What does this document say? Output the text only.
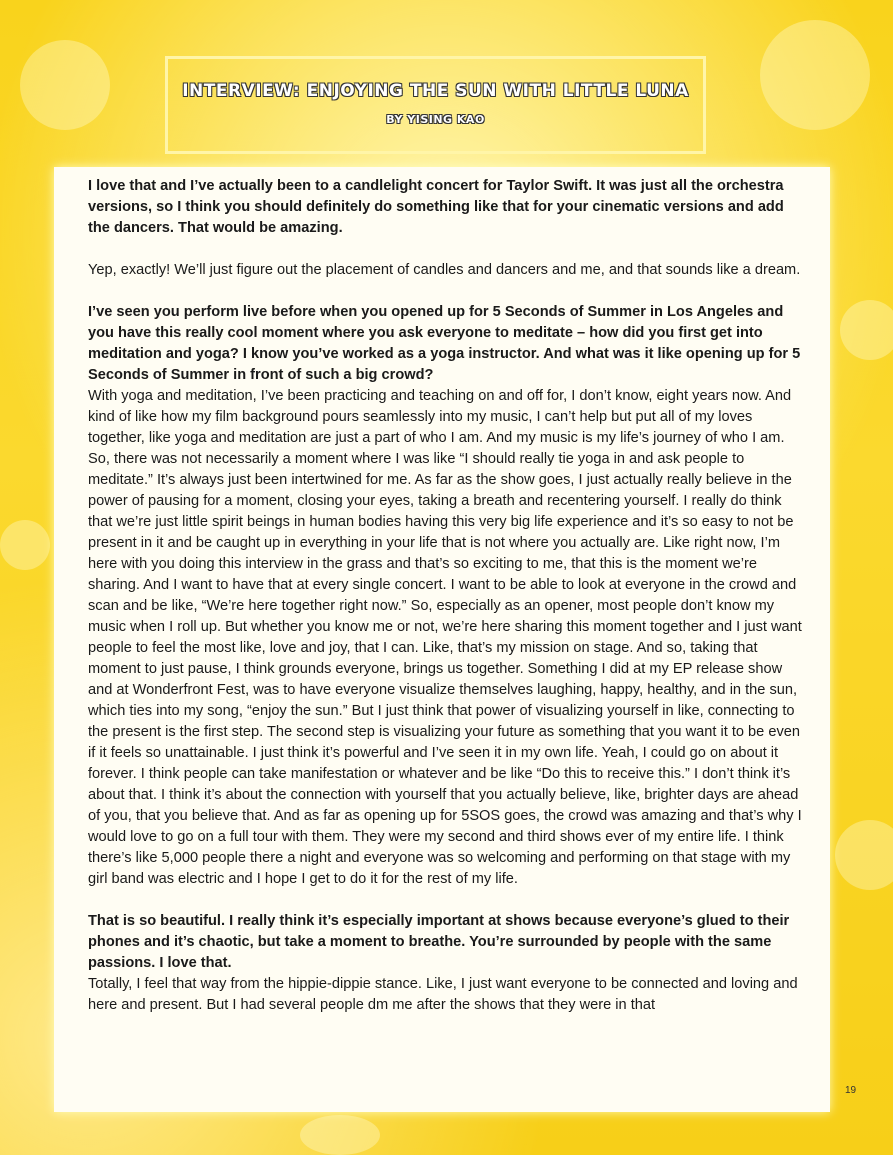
INTERVIEW: ENJOYING THE SUN WITH LITTLE LUNA
BY YISING KAO

I love that and I’ve actually been to a candlelight concert for Taylor Swift. It was just all the orchestra versions, so I think you should definitely do something like that for your cinematic versions and add the dancers. That would be amazing.

Yep, exactly! We’ll just figure out the placement of candles and dancers and me, and that sounds like a dream.

I’ve seen you perform live before when you opened up for 5 Seconds of Summer in Los Angeles and you have this really cool moment where you ask everyone to meditate – how did you first get into meditation and yoga? I know you’ve worked as a yoga instructor. And what was it like opening up for 5 Seconds of Summer in front of such a big crowd?

With yoga and meditation, I’ve been practicing and teaching on and off for, I don’t know, eight years now. And kind of like how my film background pours seamlessly into my music, I can’t help but put all of my loves together, like yoga and meditation are just a part of who I am. And my music is my life’s journey of who I am. So, there was not necessarily a moment where I was like “I should really tie yoga in and ask people to meditate.” It’s always just been intertwined for me. As far as the show goes, I just actually really believe in the power of pausing for a moment, closing your eyes, taking a breath and recentering yourself. I really do think that we’re just little spirit beings in human bodies having this very big life experience and it’s so easy to not be present in it and be caught up in everything in your life that is not where you actually are. Like right now, I’m here with you doing this interview in the grass and that’s so exciting to me, that this is the moment we’re sharing. And I want to have that at every single concert. I want to be able to look at everyone in the crowd and scan and be like, “We’re here together right now.” So, especially as an opener, most people don’t know my music when I roll up. But whether you know me or not, we’re here sharing this moment together and I just want people to feel the most like, love and joy, that I can. Like, that’s my mission on stage. And so, taking that moment to just pause, I think grounds everyone, brings us together. Something I did at my EP release show and at Wonderfront Fest, was to have everyone visualize themselves laughing, happy, healthy, and in the sun, which ties into my song, “enjoy the sun.” But I just think that power of visualizing yourself in like, connecting to the present is the first step. The second step is visualizing your future as something that you want it to be even if it feels so unattainable. I just think it’s powerful and I’ve seen it in my own life. Yeah, I could go on about it forever. I think people can take manifestation or whatever and be like “Do this to receive this.” I don’t think it’s about that. I think it’s about the connection with yourself that you actually believe, like, brighter days are ahead of you, that you believe that. And as far as opening up for 5SOS goes, the crowd was amazing and that’s why I would love to go on a full tour with them. They were my second and third shows ever of my entire life. I think there’s like 5,000 people there a night and everyone was so welcoming and performing on that stage with my girl band was electric and I hope I get to do it for the rest of my life.

That is so beautiful. I really think it’s especially important at shows because everyone’s glued to their phones and it’s chaotic, but take a moment to breathe. You’re surrounded by people with the same passions. I love that.

Totally, I feel that way from the hippie-dippie stance. Like, I just want everyone to be connected and loving and here and present. But I had several people dm me after the shows that they were in that

19
